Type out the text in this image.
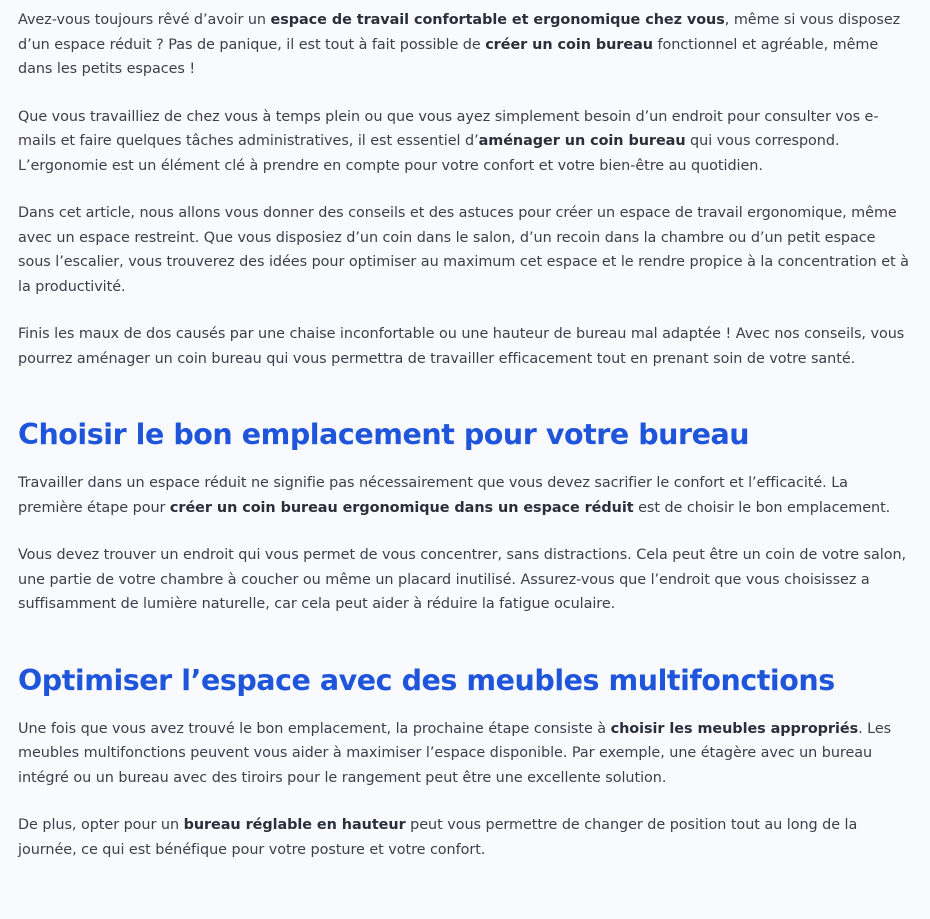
Avez-vous toujours rêvé d’avoir un espace de travail confortable et ergonomique chez vous, même si vous disposez d’un espace réduit ? Pas de panique, il est tout à fait possible de créer un coin bureau fonctionnel et agréable, même dans les petits espaces !

Que vous travailliez de chez vous à temps plein ou que vous ayez simplement besoin d’un endroit pour consulter vos e-mails et faire quelques tâches administratives, il est essentiel d’aménager un coin bureau qui vous correspond. L’ergonomie est un élément clé à prendre en compte pour votre confort et votre bien-être au quotidien.

Dans cet article, nous allons vous donner des conseils et des astuces pour créer un espace de travail ergonomique, même avec un espace restreint. Que vous disposiez d’un coin dans le salon, d’un recoin dans la chambre ou d’un petit espace sous l’escalier, vous trouverez des idées pour optimiser au maximum cet espace et le rendre propice à la concentration et à la productivité.

Finis les maux de dos causés par une chaise inconfortable ou une hauteur de bureau mal adaptée ! Avec nos conseils, vous pourrez aménager un coin bureau qui vous permettra de travailler efficacement tout en prenant soin de votre santé.

Choisir le bon emplacement pour votre bureau

Travailler dans un espace réduit ne signifie pas nécessairement que vous devez sacrifier le confort et l’efficacité. La première étape pour créer un coin bureau ergonomique dans un espace réduit est de choisir le bon emplacement.

Vous devez trouver un endroit qui vous permet de vous concentrer, sans distractions. Cela peut être un coin de votre salon, une partie de votre chambre à coucher ou même un placard inutilisé. Assurez-vous que l’endroit que vous choisissez a suffisamment de lumière naturelle, car cela peut aider à réduire la fatigue oculaire.

Optimiser l’espace avec des meubles multifonctions

Une fois que vous avez trouvé le bon emplacement, la prochaine étape consiste à choisir les meubles appropriés. Les meubles multifonctions peuvent vous aider à maximiser l’espace disponible. Par exemple, une étagère avec un bureau intégré ou un bureau avec des tiroirs pour le rangement peut être une excellente solution.

De plus, opter pour un bureau réglable en hauteur peut vous permettre de changer de position tout au long de la journée, ce qui est bénéfique pour votre posture et votre confort.
